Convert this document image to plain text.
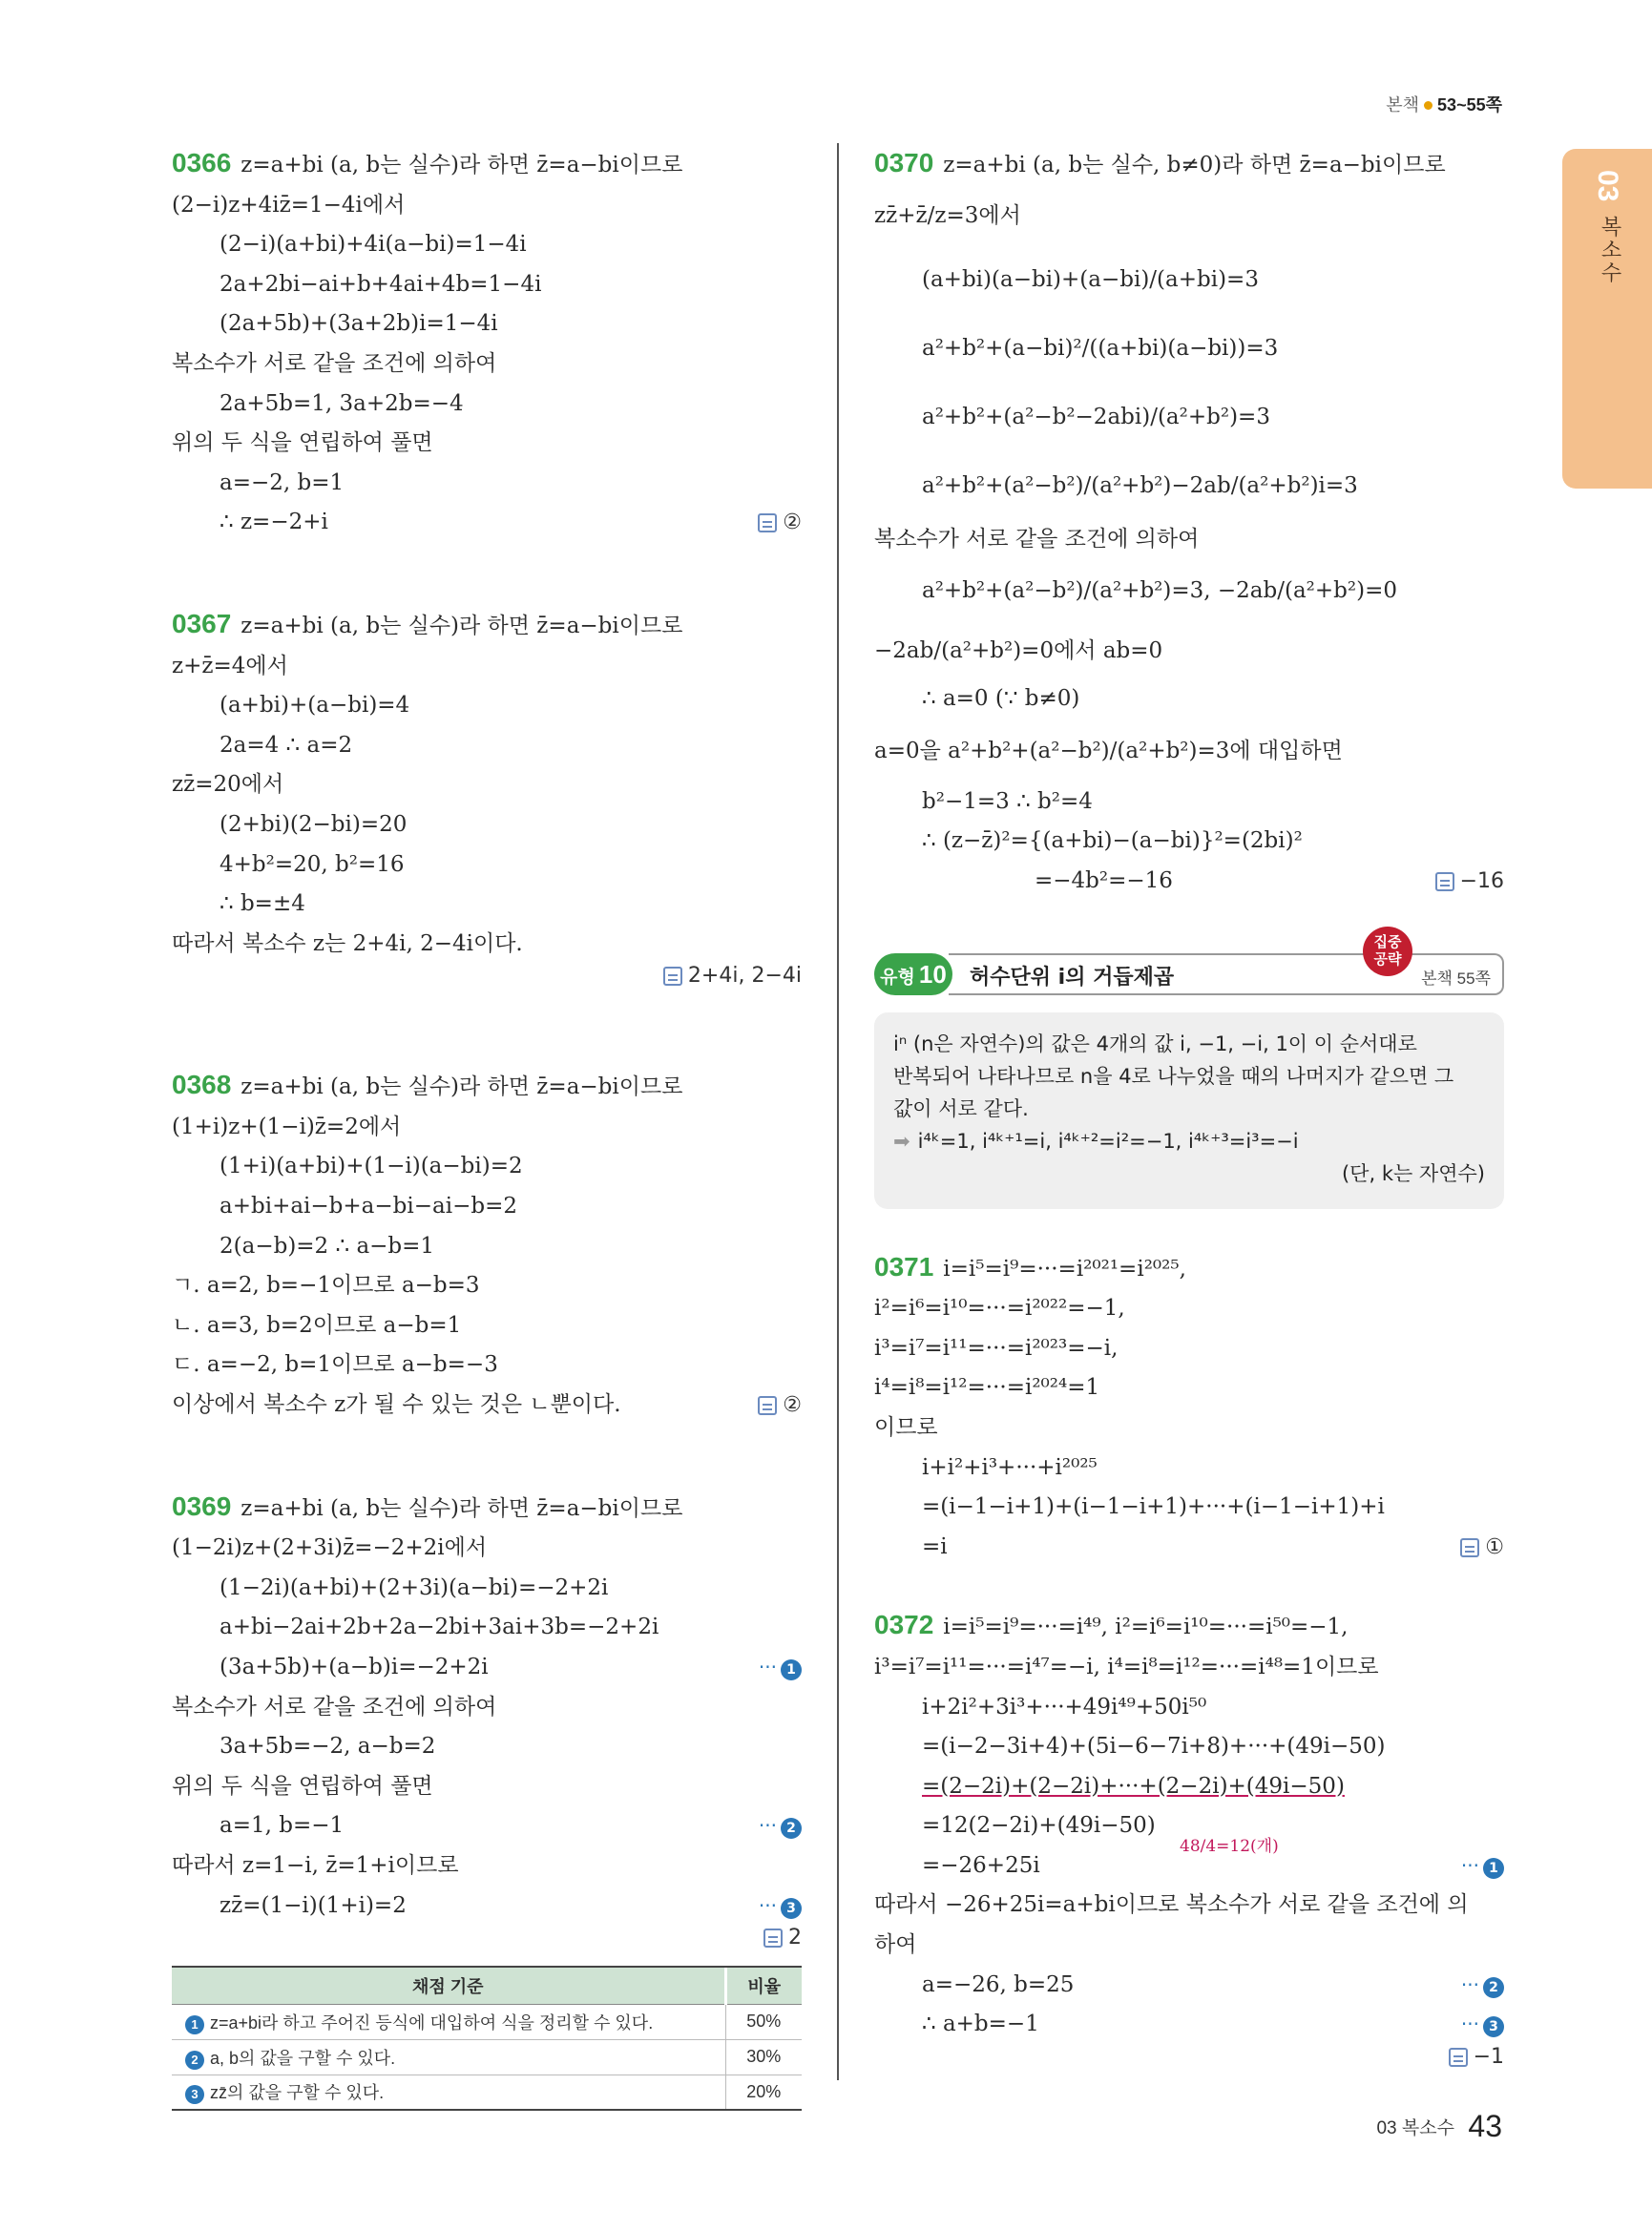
본책 53~55쪽
03
복소수
0366 z=a+bi (a, b는 실수)라 하면 z̄=a−bi이므로
(2−i)z+4iz̄=1−4i에서
(2−i)(a+bi)+4i(a−bi)=1−4i
2a+2bi−ai+b+4ai+4b=1−4i
(2a+5b)+(3a+2b)i=1−4i
복소수가 서로 같을 조건에 의하여
2a+5b=1, 3a+2b=−4
위의 두 식을 연립하여 풀면
a=−2, b=1
∴ z=−2+i	②
0367 z=a+bi (a, b는 실수)라 하면 z̄=a−bi이므로
z+z̄=4에서
(a+bi)+(a−bi)=4
2a=4 ∴ a=2
zz̄=20에서
(2+bi)(2−bi)=20
4+b²=20, b²=16
∴ b=±4
따라서 복소수 z는 2+4i, 2−4i이다.
2+4i, 2−4i
0368 z=a+bi (a, b는 실수)라 하면 z̄=a−bi이므로
(1+i)z+(1−i)z̄=2에서
(1+i)(a+bi)+(1−i)(a−bi)=2
a+bi+ai−b+a−bi−ai−b=2
2(a−b)=2 ∴ a−b=1
ㄱ. a=2, b=−1이므로 a−b=3
ㄴ. a=3, b=2이므로 a−b=1
ㄷ. a=−2, b=1이므로 a−b=−3
이상에서 복소수 z가 될 수 있는 것은 ㄴ뿐이다.	②
0369 z=a+bi (a, b는 실수)라 하면 z̄=a−bi이므로
(1−2i)z+(2+3i)z̄=−2+2i에서
(1−2i)(a+bi)+(2+3i)(a−bi)=−2+2i
a+bi−2ai+2b+2a−2bi+3ai+3b=−2+2i
(3a+5b)+(a−b)i=−2+2i	··· 1
복소수가 서로 같을 조건에 의하여
3a+5b=−2, a−b=2
위의 두 식을 연립하여 풀면
a=1, b=−1	··· 2
따라서 z=1−i, z̄=1+i이므로
zz̄=(1−i)(1+i)=2	··· 3
2
채점 기준	비율
1 z=a+bi라 하고 주어진 등식에 대입하여 식을 정리할 수 있다.	50%
2 a, b의 값을 구할 수 있다.	30%
3 zz̄의 값을 구할 수 있다.	20%
0370 z=a+bi (a, b는 실수, b≠0)라 하면 z̄=a−bi이므로
zz̄+z̄/z=3에서
(a+bi)(a−bi)+(a−bi)/(a+bi)=3
a²+b²+(a−bi)²/((a+bi)(a−bi))=3
a²+b²+(a²−b²−2abi)/(a²+b²)=3
a²+b²+(a²−b²)/(a²+b²)−2ab/(a²+b²)i=3
복소수가 서로 같을 조건에 의하여
a²+b²+(a²−b²)/(a²+b²)=3, −2ab/(a²+b²)=0
−2ab/(a²+b²)=0에서 ab=0
∴ a=0 (∵ b≠0)
a=0을 a²+b²+(a²−b²)/(a²+b²)=3에 대입하면
b²−1=3 ∴ b²=4
∴ (z−z̄)²={(a+bi)−(a−bi)}²=(2bi)²
=−4b²=−16	−16
유형 10 허수단위 i의 거듭제곱
집중
공략
본책 55쪽
iⁿ (n은 자연수)의 값은 4개의 값 i, −1, −i, 1이 이 순서대로
반복되어 나타나므로 n을 4로 나누었을 때의 나머지가 같으면 그
값이 서로 같다.
➡ i⁴ᵏ=1, i⁴ᵏ⁺¹=i, i⁴ᵏ⁺²=i²=−1, i⁴ᵏ⁺³=i³=−i
(단, k는 자연수)
0371 i=i⁵=i⁹=···=i²⁰²¹=i²⁰²⁵,
i²=i⁶=i¹⁰=···=i²⁰²²=−1,
i³=i⁷=i¹¹=···=i²⁰²³=−i,
i⁴=i⁸=i¹²=···=i²⁰²⁴=1
이므로
i+i²+i³+···+i²⁰²⁵
=(i−1−i+1)+(i−1−i+1)+···+(i−1−i+1)+i
=i	①
0372 i=i⁵=i⁹=···=i⁴⁹, i²=i⁶=i¹⁰=···=i⁵⁰=−1,
i³=i⁷=i¹¹=···=i⁴⁷=−i, i⁴=i⁸=i¹²=···=i⁴⁸=1이므로
i+2i²+3i³+···+49i⁴⁹+50i⁵⁰
=(i−2−3i+4)+(5i−6−7i+8)+···+(49i−50)
=(2−2i)+(2−2i)+···+(2−2i)+(49i−50)
=12(2−2i)+(49i−50)
48/4=12(개)
=−26+25i	··· 1
따라서 −26+25i=a+bi이므로 복소수가 서로 같을 조건에 의
하여
a=−26, b=25	··· 2
∴ a+b=−1	··· 3
−1
03 복소수 43
